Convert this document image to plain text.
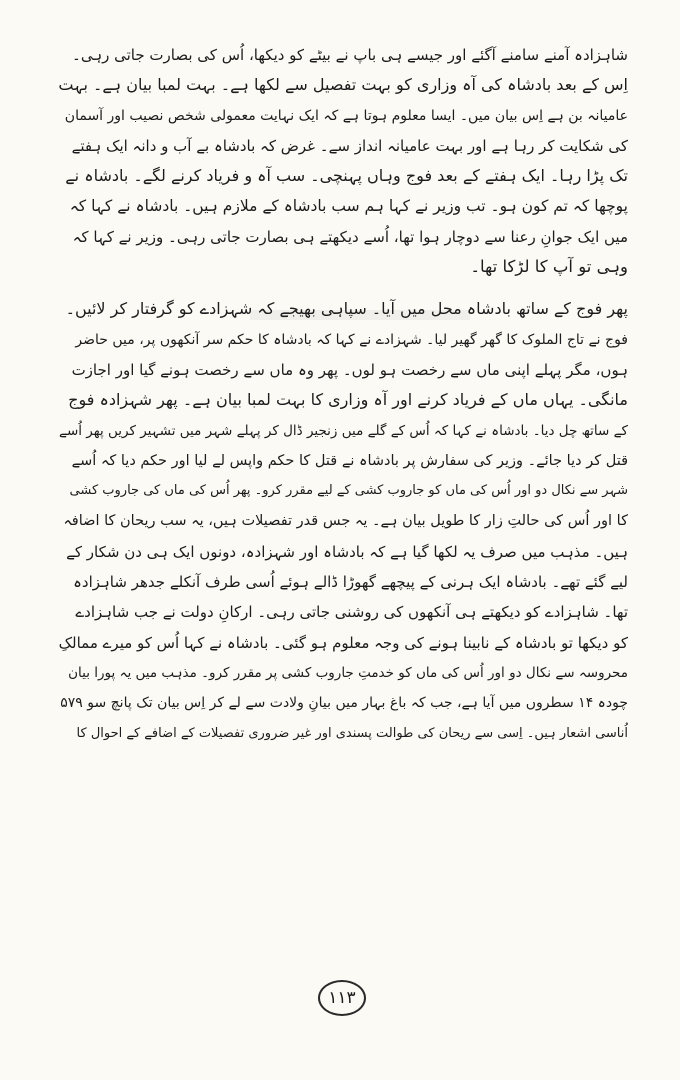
شاہزادہ آمنے سامنے آگئے اور جیسے ہی باپ نے بیٹے کو دیکھا، اُس کی بصارت جاتی رہی۔
اِس کے بعد بادشاہ کی آہ وزاری کو بہت تفصیل سے لکھا ہے۔ بہت لمبا بیان ہے۔ بہت
عامیانہ بن ہے اِس بیان میں۔ ایسا معلوم ہوتا ہے کہ ایک نہایت معمولی شخص نصیب اور آسمان
کی شکایت کر رہا ہے اور بہت عامیانہ انداز سے۔ غرض کہ بادشاہ بے آب و دانہ ایک ہفتے
تک پڑا رہا۔ ایک ہفتے کے بعد فوج وہاں پہنچی۔ سب آہ و فریاد کرنے لگے۔ بادشاہ نے
پوچھا کہ تم کون ہو۔ تب وزیر نے کہا ہم سب بادشاہ کے ملازم ہیں۔ بادشاہ نے کہا کہ
میں ایک جوانِ رعنا سے دوچار ہوا تھا، اُسے دیکھتے ہی بصارت جاتی رہی۔ وزیر نے کہا کہ
وہی تو آپ کا لڑکا تھا۔
پھر فوج کے ساتھ بادشاہ محل میں آیا۔ سپاہی بھیجے کہ شہزادے کو گرفتار کر لائیں۔
فوج نے تاج الملوک کا گھر گھیر لیا۔ شہزادے نے کہا کہ بادشاہ کا حکم سر آنکھوں پر، میں حاضر
ہوں، مگر پہلے اپنی ماں سے رخصت ہو لوں۔ پھر وہ ماں سے رخصت ہونے گیا اور اجازت
مانگی۔ یہاں ماں کے فریاد کرنے اور آہ وزاری کا بہت لمبا بیان ہے۔ پھر شہزادہ فوج
کے ساتھ چل دیا۔ بادشاہ نے کہا کہ اُس کے گلے میں زنجیر ڈال کر پہلے شہر میں تشہیر کریں پھر اُسے
قتل کر دیا جائے۔ وزیر کی سفارش پر بادشاہ نے قتل کا حکم واپس لے لیا اور حکم دیا کہ اُسے
شہر سے نکال دو اور اُس کی ماں کو جاروب کشی کے لیے مقرر کرو۔ پھر اُس کی ماں کی جاروب کشی
کا اور اُس کی حالتِ زار کا طویل بیان ہے۔ یہ جس قدر تفصیلات ہیں، یہ سب ریحان کا اضافہ
ہیں۔ مذہب میں صرف یہ لکھا گیا ہے کہ بادشاہ اور شہزادہ، دونوں ایک ہی دن شکار کے
لیے گئے تھے۔ بادشاہ ایک ہرنی کے پیچھے گھوڑا ڈالے ہوئے اُسی طرف آنکلے جدھر شاہزادہ
تھا۔ شاہزادے کو دیکھتے ہی آنکھوں کی روشنی جاتی رہی۔ ارکانِ دولت نے جب شاہزادے
کو دیکھا تو بادشاہ کے نابینا ہونے کی وجہ معلوم ہو گئی۔ بادشاہ نے کہا اُس کو میرے ممالکِ
محروسہ سے نکال دو اور اُس کی ماں کو خدمتِ جاروب کشی پر مقرر کرو۔ مذہب میں یہ پورا بیان
چودہ ۱۴ سطروں میں آیا ہے، جب کہ باغ بہار میں بیانِ ولادت سے لے کر اِس بیان تک پانچ سو ۵۷۹
اُناسی اشعار ہیں۔ اِسی سے ریحان کی طوالت پسندی اور غیر ضروری تفصیلات کے اضافے کے احوال کا
۱۱۳
